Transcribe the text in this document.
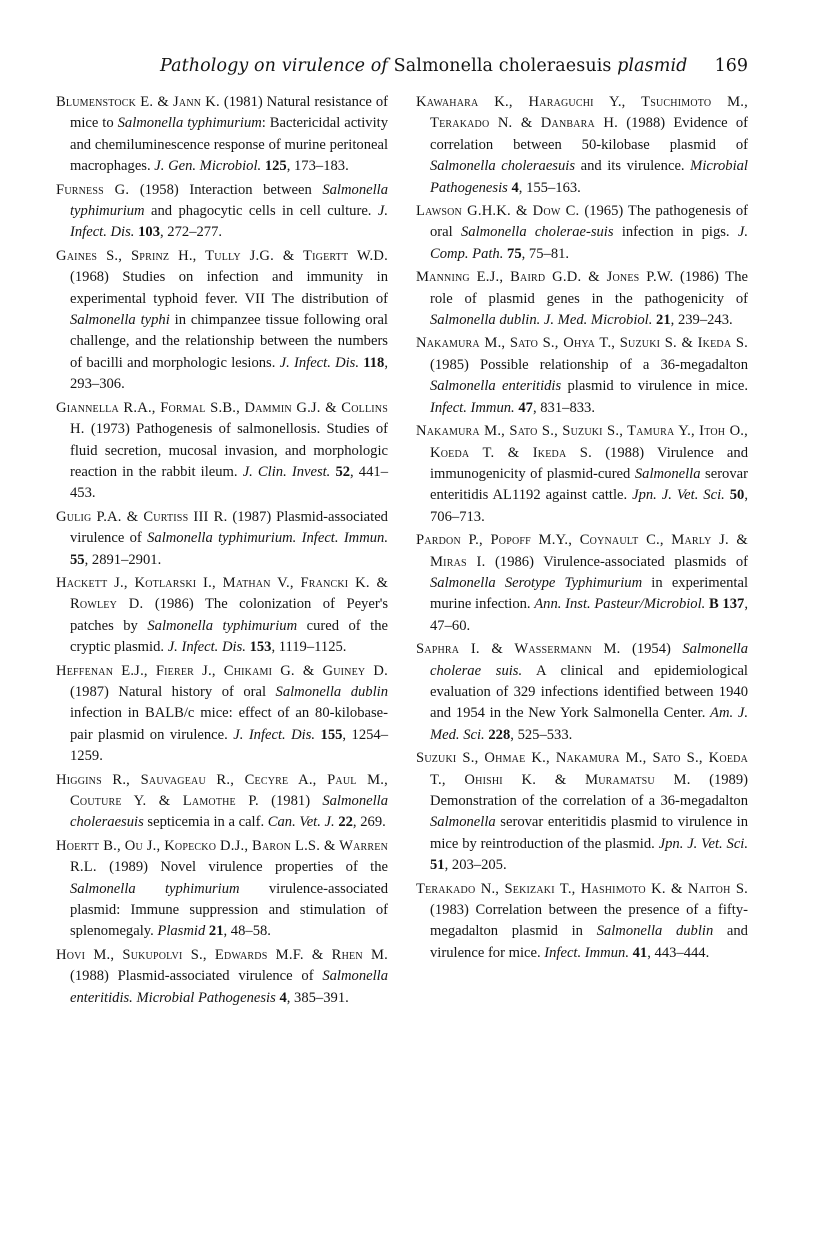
Pathology on virulence of Salmonella choleraesuis plasmid 169

Blumenstock E. & Jann K. (1981) Natural resistance of mice to Salmonella typhimurium: Bactericidal activity and chemiluminescence response of murine peritoneal macrophages. J. Gen. Microbiol. 125, 173–183.

Furness G. (1958) Interaction between Salmonella typhimurium and phagocytic cells in cell culture. J. Infect. Dis. 103, 272–277.

Gaines S., Sprinz H., Tully J.G. & Tigertt W.D. (1968) Studies on infection and immunity in experimental typhoid fever. VII The distribution of Salmonella typhi in chimpanzee tissue following oral challenge, and the relationship between the numbers of bacilli and morphologic lesions. J. Infect. Dis. 118, 293–306.

Giannella R.A., Formal S.B., Dammin G.J. & Collins H. (1973) Pathogenesis of salmonellosis. Studies of fluid secretion, mucosal invasion, and morphologic reaction in the rabbit ileum. J. Clin. Invest. 52, 441–453.

Gulig P.A. & Curtiss III R. (1987) Plasmid-associated virulence of Salmonella typhimurium. Infect. Immun. 55, 2891–2901.

Hackett J., Kotlarski I., Mathan V., Francki K. & Rowley D. (1986) The colonization of Peyer's patches by Salmonella typhimurium cured of the cryptic plasmid. J. Infect. Dis. 153, 1119–1125.

Heffenan E.J., Fierer J., Chikami G. & Guiney D. (1987) Natural history of oral Salmonella dublin infection in BALB/c mice: effect of an 80-kilobase-pair plasmid on virulence. J. Infect. Dis. 155, 1254–1259.

Higgins R., Sauvageau R., Cecyre A., Paul M., Couture Y. & Lamothe P. (1981) Salmonella choleraesuis septicemia in a calf. Can. Vet. J. 22, 269.

Hoertt B., Ou J., Kopecko D.J., Baron L.S. & Warren R.L. (1989) Novel virulence properties of the Salmonella typhimurium virulence-associated plasmid: Immune suppression and stimulation of splenomegaly. Plasmid 21, 48–58.

Hovi M., Sukupolvi S., Edwards M.F. & Rhen M. (1988) Plasmid-associated virulence of Salmonella enteritidis. Microbial Pathogenesis 4, 385–391.

Kawahara K., Haraguchi Y., Tsuchimoto M., Terakado N. & Danbara H. (1988) Evidence of correlation between 50-kilobase plasmid of Salmonella choleraesuis and its virulence. Microbial Pathogenesis 4, 155–163.

Lawson G.H.K. & Dow C. (1965) The pathogenesis of oral Salmonella cholerae-suis infection in pigs. J. Comp. Path. 75, 75–81.

Manning E.J., Baird G.D. & Jones P.W. (1986) The role of plasmid genes in the pathogenicity of Salmonella dublin. J. Med. Microbiol. 21, 239–243.

Nakamura M., Sato S., Ohya T., Suzuki S. & Ikeda S. (1985) Possible relationship of a 36-megadalton Salmonella enteritidis plasmid to virulence in mice. Infect. Immun. 47, 831–833.

Nakamura M., Sato S., Suzuki S., Tamura Y., Itoh O., Koeda T. & Ikeda S. (1988) Virulence and immunogenicity of plasmid-cured Salmonella serovar enteritidis AL1192 against cattle. Jpn. J. Vet. Sci. 50, 706–713.

Pardon P., Popoff M.Y., Coynault C., Marly J. & Miras I. (1986) Virulence-associated plasmids of Salmonella Serotype Typhimurium in experimental murine infection. Ann. Inst. Pasteur/Microbiol. B 137, 47–60.

Saphra I. & Wassermann M. (1954) Salmonella cholerae suis. A clinical and epidemiological evaluation of 329 infections identified between 1940 and 1954 in the New York Salmonella Center. Am. J. Med. Sci. 228, 525–533.

Suzuki S., Ohmae K., Nakamura M., Sato S., Koeda T., Ohishi K. & Muramatsu M. (1989) Demonstration of the correlation of a 36-megadalton Salmonella serovar enteritidis plasmid to virulence in mice by reintroduction of the plasmid. Jpn. J. Vet. Sci. 51, 203–205.

Terakado N., Sekizaki T., Hashimoto K. & Naitoh S. (1983) Correlation between the presence of a fifty-megadalton plasmid in Salmonella dublin and virulence for mice. Infect. Immun. 41, 443–444.
